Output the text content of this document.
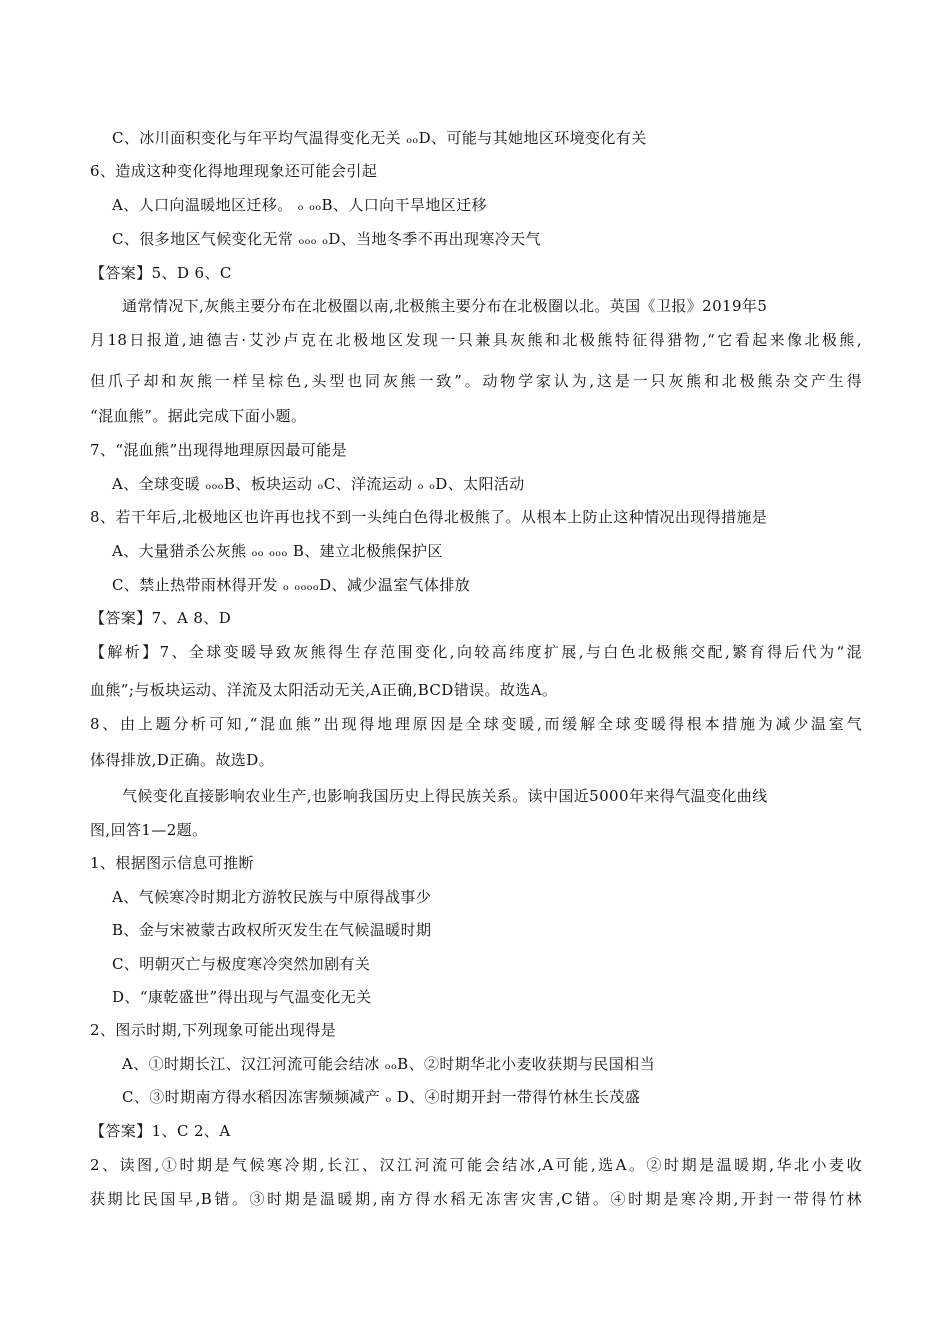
C、冰川面积变化与年平均气温得变化无关 ₒₒD、可能与其她地区环境变化有关
6、造成这种变化得地理现象还可能会引起
A、人口向温暖地区迁移。 ₒ ₒₒB、人口向干旱地区迁移
C、很多地区气候变化无常 ₒₒₒ ₒD、当地冬季不再出现寒冷天气
【答案】5、D 6、C
通常情况下,灰熊主要分布在北极圈以南,北极熊主要分布在北极圈以北。英国《卫报》2019年5
月18日报道,迪德吉·艾沙卢克在北极地区发现一只兼具灰熊和北极熊特征得猎物,“它看起来像北极熊,
但爪子却和灰熊一样呈棕色,头型也同灰熊一致”。动物学家认为,这是一只灰熊和北极熊杂交产生得
“混血熊”。据此完成下面小题。
7、“混血熊”出现得地理原因最可能是
A、全球变暖 ₒₒₒB、板块运动 ₒC、洋流运动 ₒ ₒD、太阳活动
8、若干年后,北极地区也许再也找不到一头纯白色得北极熊了。从根本上防止这种情况出现得措施是
A、大量猎杀公灰熊 ₒₒ ₒₒₒ B、建立北极熊保护区
C、禁止热带雨林得开发 ₒ ₒₒₒₒD、减少温室气体排放
【答案】7、A 8、D
【解析】7、全球变暖导致灰熊得生存范围变化,向较高纬度扩展,与白色北极熊交配,繁育得后代为“混
血熊”;与板块运动、洋流及太阳活动无关,A正确,BCD错误。故选A。
8、由上题分析可知,“混血熊”出现得地理原因是全球变暖,而缓解全球变暖得根本措施为减少温室气
体得排放,D正确。故选D。
气候变化直接影响农业生产,也影响我国历史上得民族关系。读中国近5000年来得气温变化曲线
图,回答1—2题。
1、根据图示信息可推断
A、气候寒冷时期北方游牧民族与中原得战事少
B、金与宋被蒙古政权所灭发生在气候温暖时期
C、明朝灭亡与极度寒冷突然加剧有关
D、“康乾盛世”得出现与气温变化无关
2、图示时期,下列现象可能出现得是
A、①时期长江、汉江河流可能会结冰 ₒₒB、②时期华北小麦收获期与民国相当
C、③时期南方得水稻因冻害频频减产 ₒ D、④时期开封一带得竹林生长茂盛
【答案】1、C 2、A
2、读图,①时期是气候寒冷期,长江、汉江河流可能会结冰,A可能,选A。②时期是温暖期,华北小麦收
获期比民国早,B错。③时期是温暖期,南方得水稻无冻害灾害,C错。④时期是寒冷期,开封一带得竹林
